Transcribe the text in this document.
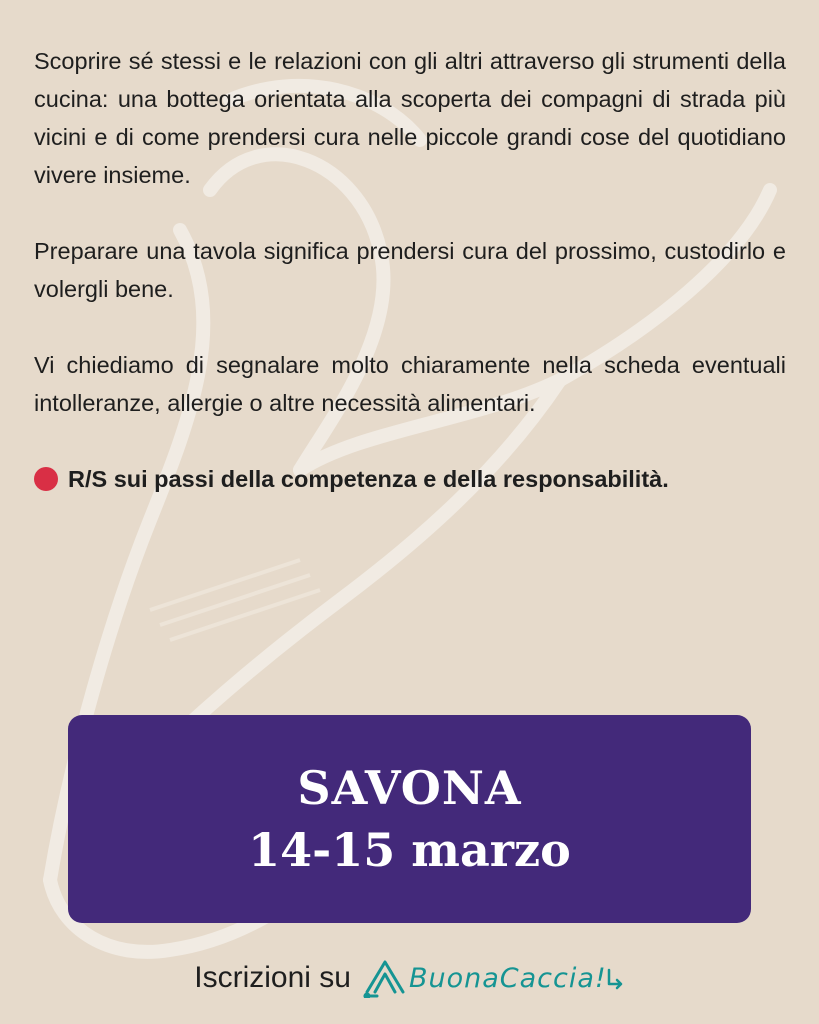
Scoprire sé stessi e le relazioni con gli altri attraverso gli strumenti della cucina: una bottega orientata alla scoperta dei compagni di strada più vicini e di come prendersi cura nelle piccole grandi cose del quotidiano vivere insieme.

Preparare una tavola significa prendersi cura del prossimo, custodirlo e volergli bene.

Vi chiediamo di segnalare molto chiaramente nella scheda eventuali intolleranze, allergie o altre necessità alimentari.

R/S sui passi della competenza e della responsabilità.
SAVONA
14-15 marzo
Iscrizioni su BuonaCaccia!
